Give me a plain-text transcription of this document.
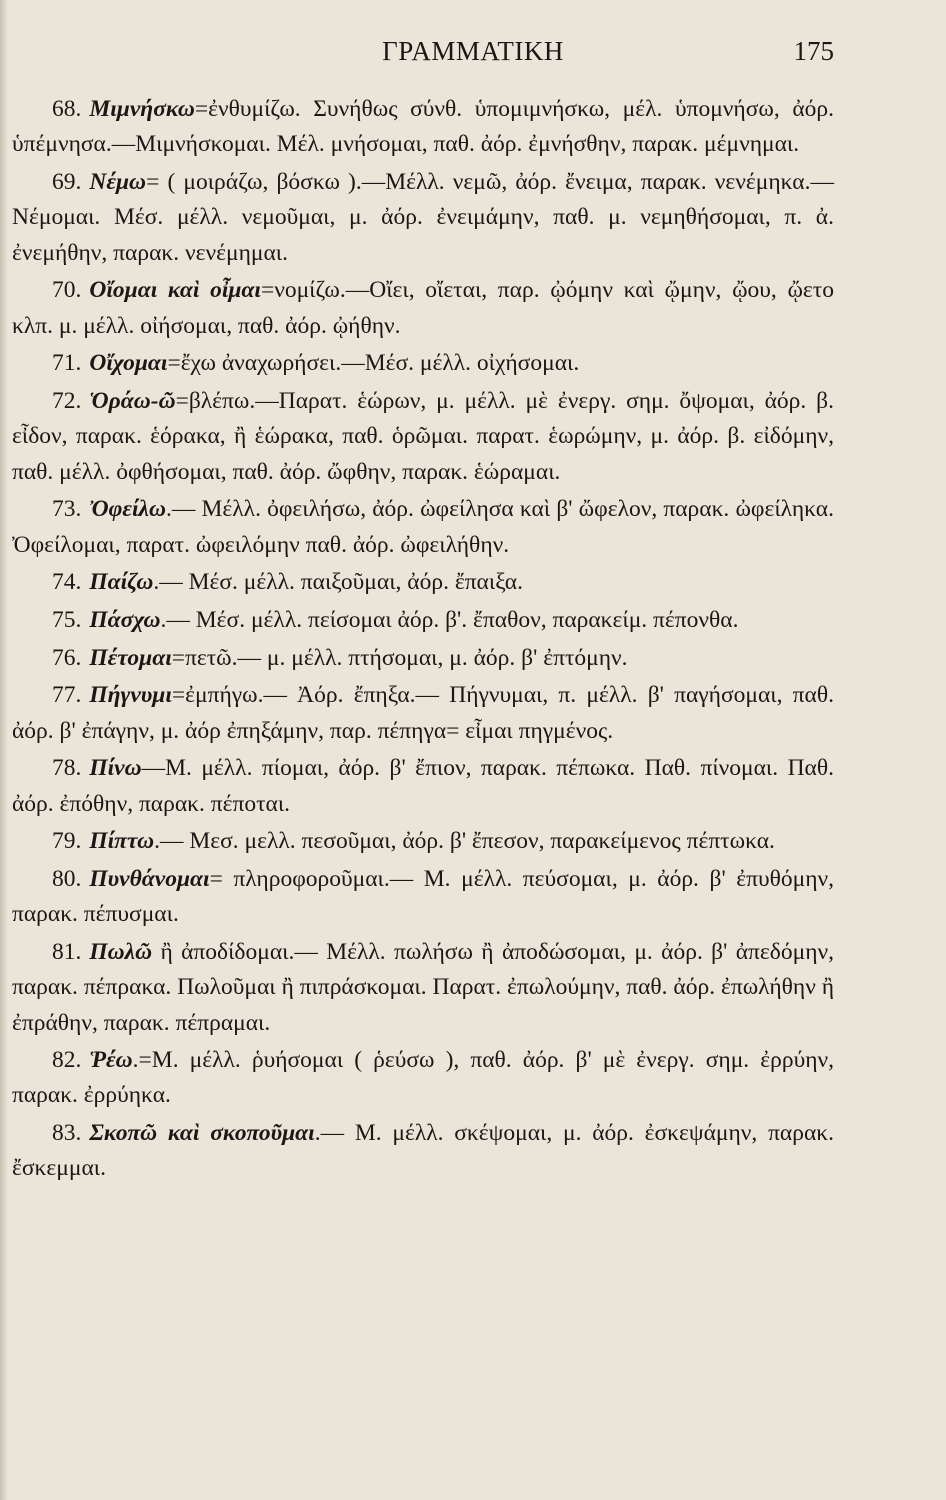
ΓΡΑΜΜΑΤΙΚΗ	175

68. Μιμνήσκω=ἐνθυμίζω. Συνήθως σύνθ. ὑπομιμνήσκω, μέλ. ὑπομνήσω, ἀόρ. ὑπέμνησα.—Μιμνήσκομαι. Μέλ. μνήσομαι, παθ. ἀόρ. ἐμνήσθην, παρακ. μέμνημαι.

69. Νέμω= ( μοιράζω, βόσκω ).—Μέλλ. νεμῶ, ἀόρ. ἔνειμα, παρακ. νενέμηκα.— Νέμομαι. Μέσ. μέλλ. νεμοῦμαι, μ. ἀόρ. ἐνειμάμην, παθ. μ. νεμηθήσομαι, π. ἀ. ἐνεμήθην, παρακ. νενέμημαι.

70. Οἴομαι καὶ οἶμαι=νομίζω.—Οἴει, οἴεται, παρ. ᾠόμην καὶ ᾤμην, ᾤου, ᾤετο κλπ. μ. μέλλ. οἰήσομαι, παθ. ἀόρ. ᾠήθην.

71. Οἴχομαι=ἔχω ἀναχωρήσει.—Μέσ. μέλλ. οἰχήσομαι.

72. Ὁράω-ῶ=βλέπω.—Παρατ. ἑώρων, μ. μέλλ. μὲ ἐνεργ. σημ. ὄψομαι, ἀόρ. β. εἶδον, παρακ. ἑόρακα, ἢ ἑώρακα, παθ. ὁρῶμαι. παρατ. ἑωρώμην, μ. ἀόρ. β. εἰδόμην, παθ. μέλλ. ὀφθήσομαι, παθ. ἀόρ. ὤφθην, παρακ. ἑώραμαι.

73. Ὀφείλω.— Μέλλ. ὀφειλήσω, ἀόρ. ὠφείλησα καὶ β' ὤφελον, παρακ. ὠφείληκα. Ὀφείλομαι, παρατ. ὠφειλόμην παθ. ἀόρ. ὠφειλήθην.

74. Παίζω.— Μέσ. μέλλ. παιξοῦμαι, ἀόρ. ἔπαιξα.

75. Πάσχω.— Μέσ. μέλλ. πείσομαι ἀόρ. β'. ἔπαθον, παρακείμ. πέπονθα.

76. Πέτομαι=πετῶ.— μ. μέλλ. πτήσομαι, μ. ἀόρ. β' ἐπτόμην.

77. Πήγνυμι=ἐμπήγω.— Ἀόρ. ἔπηξα.— Πήγνυμαι, π. μέλλ. β' παγήσομαι, παθ. ἀόρ. β' ἐπάγην, μ. ἀόρ ἐπηξάμην, παρ. πέπηγα= εἶμαι πηγμένος.

78. Πίνω—Μ. μέλλ. πίομαι, ἀόρ. β' ἔπιον, παρακ. πέπωκα. Παθ. πίνομαι. Παθ. ἀόρ. ἐπόθην, παρακ. πέποται.

79. Πίπτω.— Μεσ. μελλ. πεσοῦμαι, ἀόρ. β' ἔπεσον, παρακείμενος πέπτωκα.

80. Πυνθάνομαι= πληροφοροῦμαι.— Μ. μέλλ. πεύσομαι, μ. ἀόρ. β' ἐπυθόμην, παρακ. πέπυσμαι.

81. Πωλῶ ἢ ἀποδίδομαι.— Μέλλ. πωλήσω ἢ ἀποδώσομαι, μ. ἀόρ. β' ἀπεδόμην, παρακ. πέπρακα. Πωλοῦμαι ἢ πιπράσκομαι. Παρατ. ἐπωλούμην, παθ. ἀόρ. ἐπωλήθην ἢ ἐπράθην, παρακ. πέπραμαι.

82. Ῥέω.=Μ. μέλλ. ῥυήσομαι ( ῥεύσω ), παθ. ἀόρ. β' μὲ ἐνεργ. σημ. ἐρρύην, παρακ. ἐρρύηκα.

83. Σκοπῶ καὶ σκοποῦμαι.— Μ. μέλλ. σκέψομαι, μ. ἀόρ. ἐσκεψάμην, παρακ. ἔσκεμμαι.
